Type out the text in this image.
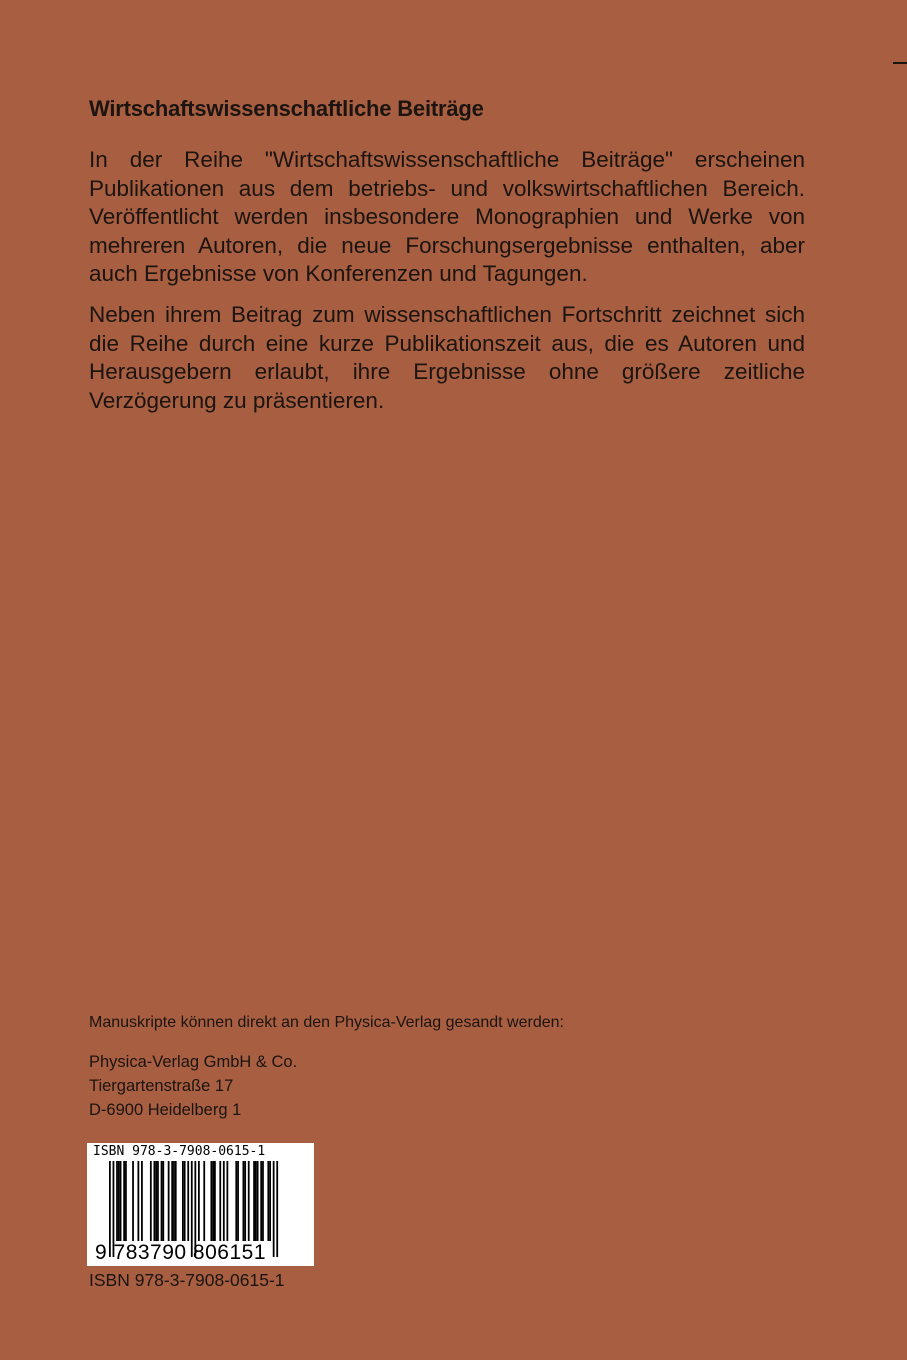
Wirtschaftswissenschaftliche Beiträge

In der Reihe "Wirtschaftswissenschaftliche Beiträge" erscheinen Publikationen aus dem betriebs- und volkswirtschaftlichen Bereich. Veröffentlicht werden insbesondere Monographien und Werke von mehreren Autoren, die neue Forschungsergebnisse enthalten, aber auch Ergebnisse von Konferenzen und Tagungen.

Neben ihrem Beitrag zum wissenschaftlichen Fortschritt zeichnet sich die Reihe durch eine kurze Publikationszeit aus, die es Autoren und Herausgebern erlaubt, ihre Ergebnisse ohne größere zeitliche Verzögerung zu präsentieren.

Manuskripte können direkt an den Physica-Verlag gesandt werden:

Physica-Verlag GmbH & Co.
Tiergartenstraße 17
D-6900 Heidelberg 1
ISBN 978-3-7908-0615-1
9 783790 806151
ISBN 978-3-7908-0615-1
